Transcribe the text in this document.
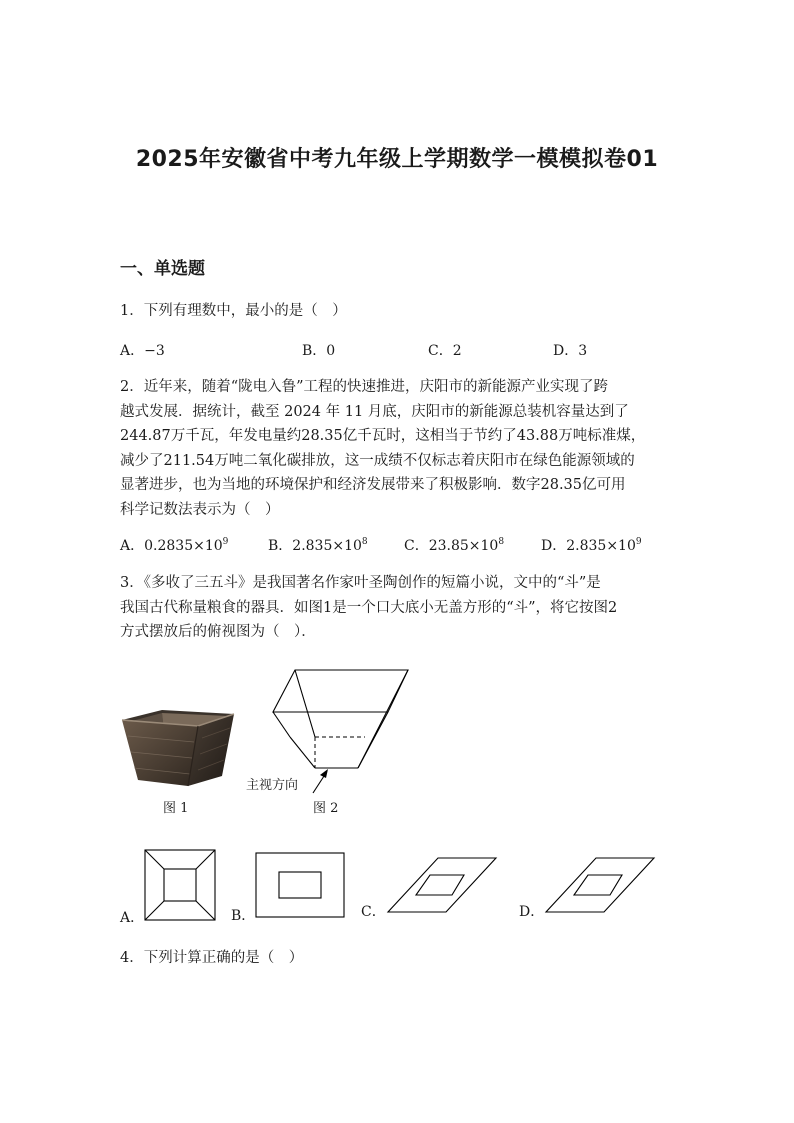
2025年安徽省中考九年级上学期数学一模模拟卷01
一、单选题
1．下列有理数中，最小的是（　）
A．−3	B．0	C．2	D．3
2．近年来，随着“陇电入鲁”工程的快速推进，庆阳市的新能源产业实现了跨
越式发展．据统计，截至 2024 年 11 月底，庆阳市的新能源总装机容量达到了
244.87万千瓦，年发电量约28.35亿千瓦时，这相当于节约了43.88万吨标准煤，
减少了211.54万吨二氧化碳排放，这一成绩不仅标志着庆阳市在绿色能源领域的
显著进步，也为当地的环境保护和经济发展带来了积极影响．数字28.35亿可用
科学记数法表示为（　）
A．$0.2835\times 10^9$	B．$2.835\times 10^8$	C．$23.85\times 10^8$	D．$2.835\times 10^9$
3．《多收了三五斗》是我国著名作家叶圣陶创作的短篇小说，文中的“斗”是
我国古代称量粮食的器具．如图1是一个口大底小无盖方形的“斗”，将它按图2
方式摆放后的俯视图为（　）．
图 1
主视方向
图 2
A．	B．	C．	D．
4．下列计算正确的是（　）
